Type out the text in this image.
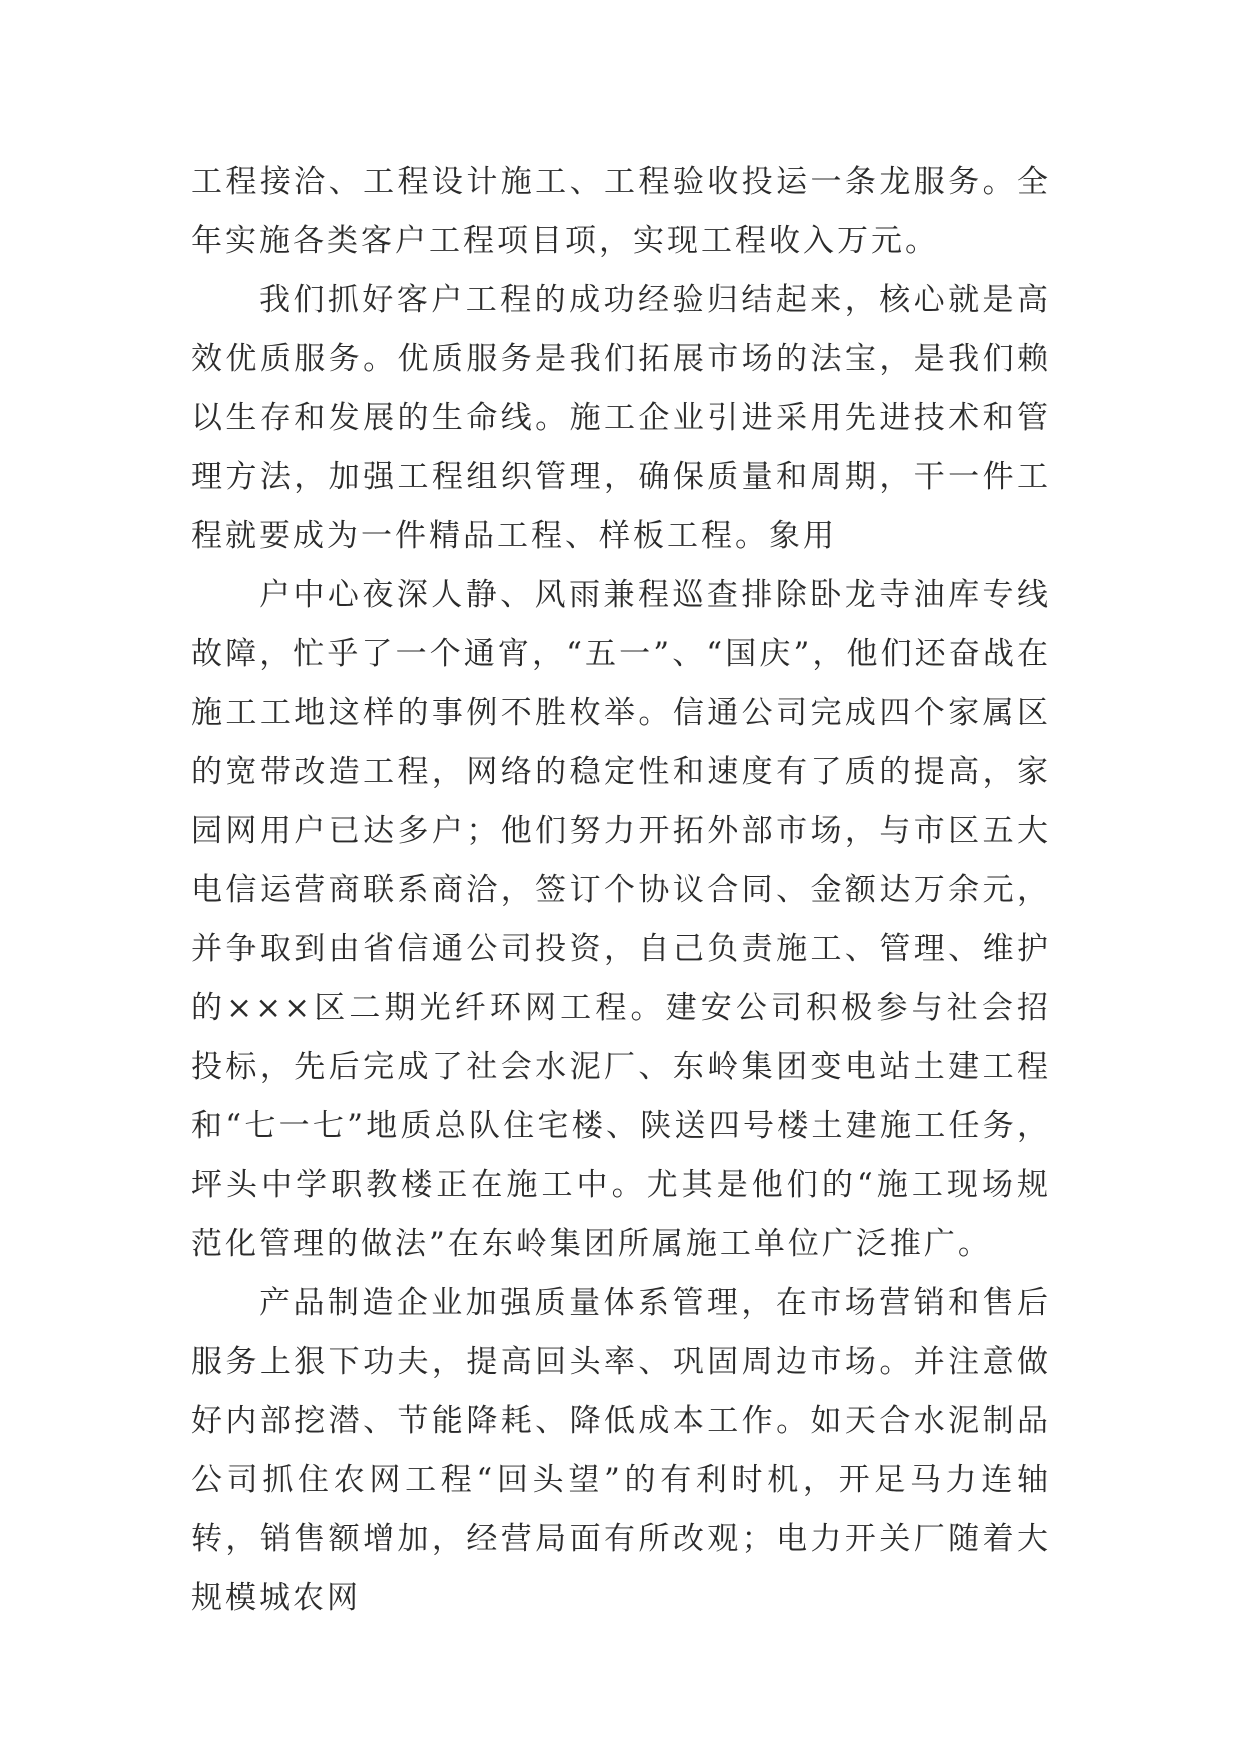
工程接洽、工程设计施工、工程验收投运一条龙服务。全年实施各类客户工程项目项，实现工程收入万元。

我们抓好客户工程的成功经验归结起来，核心就是高效优质服务。优质服务是我们拓展市场的法宝，是我们赖以生存和发展的生命线。施工企业引进采用先进技术和管理方法，加强工程组织管理，确保质量和周期，干一件工程就要成为一件精品工程、样板工程。象用

户中心夜深人静、风雨兼程巡查排除卧龙寺油库专线故障，忙乎了一个通宵，“五一”、“国庆”，他们还奋战在施工工地这样的事例不胜枚举。信通公司完成四个家属区的宽带改造工程，网络的稳定性和速度有了质的提高，家园网用户已达多户；他们努力开拓外部市场，与市区五大电信运营商联系商洽，签订个协议合同、金额达万余元，并争取到由省信通公司投资，自己负责施工、管理、维护的×××区二期光纤环网工程。建安公司积极参与社会招投标，先后完成了社会水泥厂、东岭集团变电站土建工程和“七一七”地质总队住宅楼、陕送四号楼土建施工任务，坪头中学职教楼正在施工中。尤其是他们的“施工现场规范化管理的做法”在东岭集团所属施工单位广泛推广。

产品制造企业加强质量体系管理，在市场营销和售后服务上狠下功夫，提高回头率、巩固周边市场。并注意做好内部挖潜、节能降耗、降低成本工作。如天合水泥制品公司抓住农网工程“回头望”的有利时机，开足马力连轴转，销售额增加，经营局面有所改观；电力开关厂随着大规模城农网
